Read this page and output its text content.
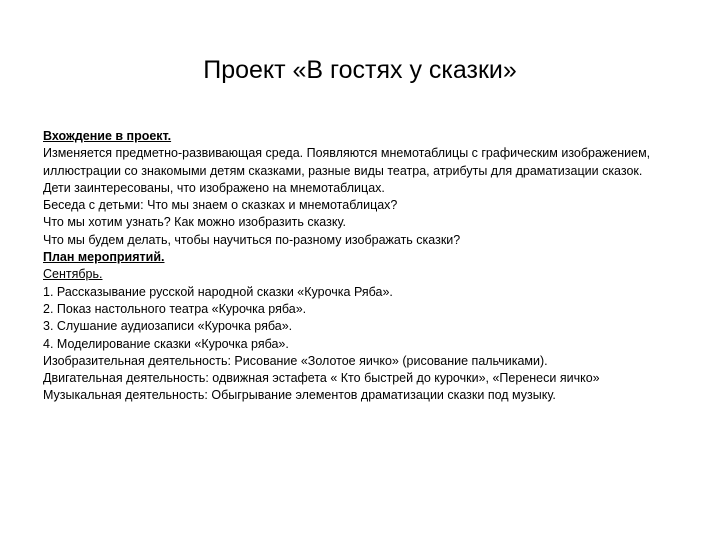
Проект «В гостях у сказки»

Вхождение в проект.

Изменяется предметно-развивающая среда. Появляются мнемотаблицы с графическим изображением, иллюстрации со знакомыми детям сказками, разные виды театра, атрибуты для драматизации сказок.

Дети заинтересованы, что изображено на мнемотаблицах.

Беседа с детьми: Что мы знаем о сказках и мнемотаблицах?

Что мы хотим узнать? Как можно изобразить сказку.

Что мы будем делать, чтобы научиться по-разному изображать сказки?

План мероприятий.

Сентябрь.

1. Рассказывание русской народной сказки «Курочка Ряба».

2. Показ настольного театра «Курочка ряба».

3. Слушание аудиозаписи «Курочка ряба».

4. Моделирование сказки «Курочка ряба».

Изобразительная деятельность: Рисование «Золотое яичко» (рисование пальчиками).

Двигательная деятельность: одвижная эстафета « Кто быстрей до курочки», «Перенеси яичко»

Музыкальная деятельность: Обыгрывание элементов драматизации сказки под музыку.
